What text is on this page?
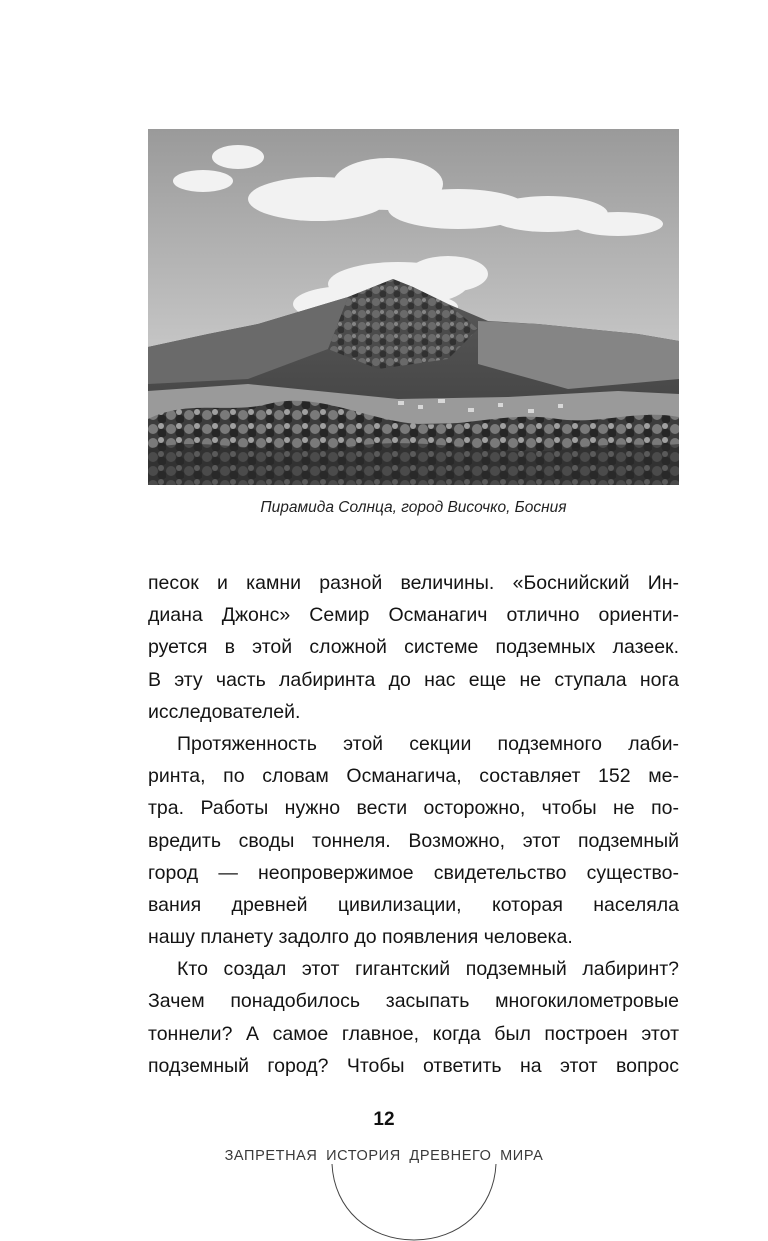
Пирамида Солнца, город Височко, Босния
песок и камни разной величины. «Боснийский Ин-
диана Джонс» Семир Османагич отлично ориенти-
руется в этой сложной системе подземных лазеек.
В эту часть лабиринта до нас еще не ступала нога
исследователей.
Протяженность этой секции подземного лаби-
ринта, по словам Османагича, составляет 152 ме-
тра. Работы нужно вести осторожно, чтобы не по-
вредить своды тоннеля. Возможно, этот подземный
город — неопровержимое свидетельство существо-
вания древней цивилизации, которая населяла
нашу планету задолго до появления человека.
Кто создал этот гигантский подземный лабиринт?
Зачем понадобилось засыпать многокилометровые
тоннели? А самое главное, когда был построен этот
подземный город? Чтобы ответить на этот вопрос
12
ЗАПРЕТНАЯ ИСТОРИЯ ДРЕВНЕГО МИРА
